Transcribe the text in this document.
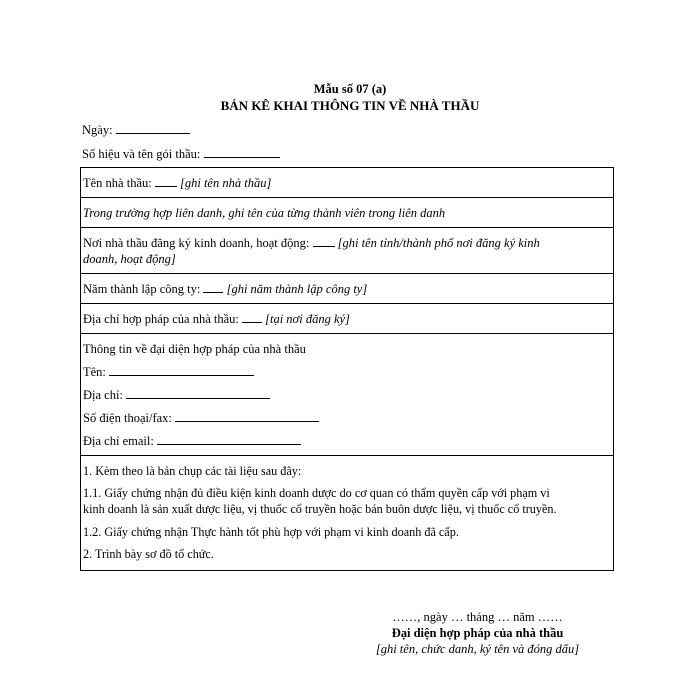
Mẫu số 07 (a)
BẢN KÊ KHAI THÔNG TIN VỀ NHÀ THẦU
Ngày:
Số hiệu và tên gói thầu:
Tên nhà thầu: [ghi tên nhà thầu]
Trong trường hợp liên danh, ghi tên của từng thành viên trong liên danh
Nơi nhà thầu đăng ký kinh doanh, hoạt động: [ghi tên tỉnh/thành phố nơi đăng ký kinh
doanh, hoạt động]
Năm thành lập công ty: [ghi năm thành lập công ty]
Địa chỉ hợp pháp của nhà thầu: [tại nơi đăng ký]
Thông tin về đại diện hợp pháp của nhà thầu
Tên:
Địa chỉ:
Số điện thoại/fax:
Địa chỉ email:
1. Kèm theo là bản chụp các tài liệu sau đây:
1.1. Giấy chứng nhận đủ điều kiện kinh doanh dược do cơ quan có thẩm quyền cấp với phạm vi
kinh doanh là sản xuất dược liệu, vị thuốc cổ truyền hoặc bán buôn dược liệu, vị thuốc cổ truyền.
1.2. Giấy chứng nhận Thực hành tốt phù hợp với phạm vi kinh doanh đã cấp.
2. Trình bày sơ đồ tổ chức.
……, ngày … tháng … năm ……
Đại diện hợp pháp của nhà thầu
[ghi tên, chức danh, ký tên và đóng dấu]
